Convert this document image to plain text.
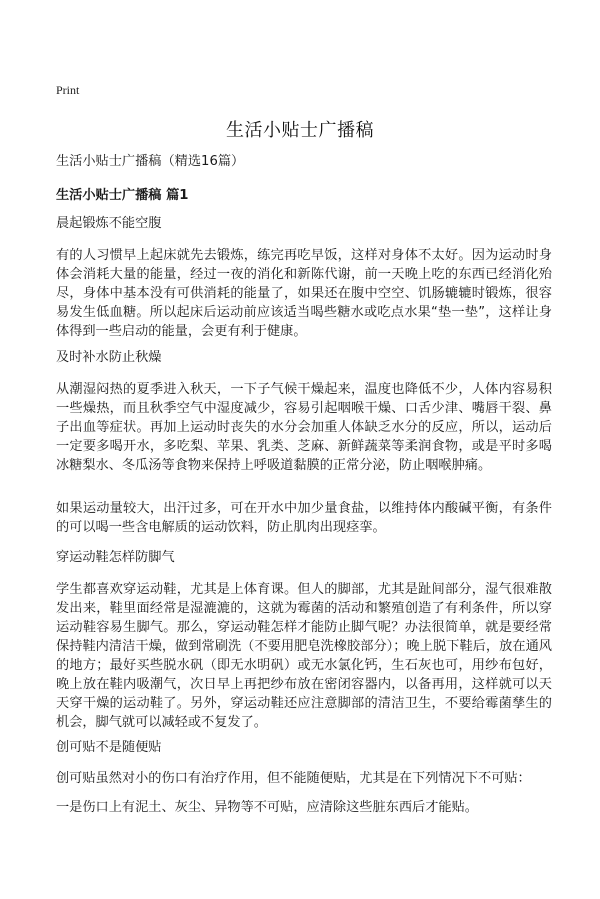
Print
生活小贴士广播稿
生活小贴士广播稿（精选16篇）
生活小贴士广播稿 篇1
晨起锻炼不能空腹
有的人习惯早上起床就先去锻炼，练完再吃早饭，这样对身体不太好。因为运动时身体会消耗大量的能量，经过一夜的消化和新陈代谢，前一天晚上吃的东西已经消化殆尽，身体中基本没有可供消耗的能量了，如果还在腹中空空、饥肠辘辘时锻炼，很容易发生低血糖。所以起床后运动前应该适当喝些糖水或吃点水果“垫一垫”，这样让身体得到一些启动的能量，会更有利于健康。
及时补水防止秋燥
从潮湿闷热的夏季进入秋天，一下子气候干燥起来，温度也降低不少，人体内容易积一些燥热，而且秋季空气中湿度减少，容易引起咽喉干燥、口舌少津、嘴唇干裂、鼻子出血等症状。再加上运动时丧失的水分会加重人体缺乏水分的反应，所以，运动后一定要多喝开水，多吃梨、苹果、乳类、芝麻、新鲜蔬菜等柔润食物，或是平时多喝冰糖梨水、冬瓜汤等食物来保持上呼吸道黏膜的正常分泌，防止咽喉肿痛。
如果运动量较大，出汗过多，可在开水中加少量食盐，以维持体内酸碱平衡，有条件的可以喝一些含电解质的运动饮料，防止肌肉出现痉挛。
穿运动鞋怎样防脚气
学生都喜欢穿运动鞋，尤其是上体育课。但人的脚部，尤其是趾间部分，湿气很难散发出来，鞋里面经常是湿漉漉的，这就为霉菌的活动和繁殖创造了有利条件，所以穿运动鞋容易生脚气。那么，穿运动鞋怎样才能防止脚气呢？办法很简单，就是要经常保持鞋内清洁干燥，做到常刷洗（不要用肥皂洗橡胶部分）；晚上脱下鞋后，放在通风的地方；最好买些脱水矾（即无水明矾）或无水氯化钙，生石灰也可，用纱布包好，晚上放在鞋内吸潮气，次日早上再把纱布放在密闭容器内，以备再用，这样就可以天天穿干燥的运动鞋了。另外，穿运动鞋还应注意脚部的清洁卫生，不要给霉菌孳生的机会，脚气就可以减轻或不复发了。
创可贴不是随便贴
创可贴虽然对小的伤口有治疗作用，但不能随便贴，尤其是在下列情况下不可贴：
一是伤口上有泥土、灰尘、异物等不可贴，应清除这些脏东西后才能贴。
